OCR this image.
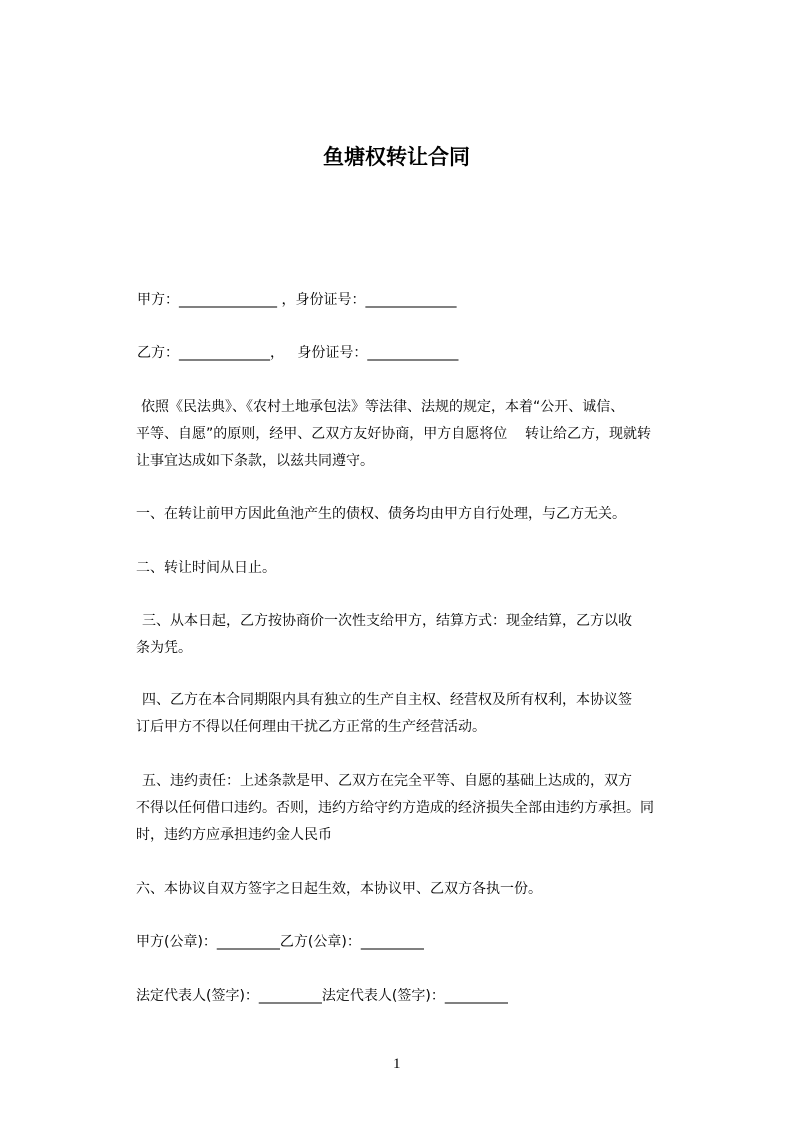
鱼塘权转让合同
甲方：______________ ，身份证号：_____________
乙方：_____________，   身份证号：_____________
依照《民法典》、《农村土地承包法》等法律、法规的规定，本着“公开、诚信、
平等、自愿”的原则，经甲、乙双方友好协商，甲方自愿将位    转让给乙方，现就转
让事宜达成如下条款，以兹共同遵守。
一、在转让前甲方因此鱼池产生的债权、债务均由甲方自行处理，与乙方无关。
二、转让时间从日止。
三、从本日起，乙方按协商价一次性支给甲方，结算方式：现金结算，乙方以收
条为凭。
四、乙方在本合同期限内具有独立的生产自主权、经营权及所有权利，本协议签
订后甲方不得以任何理由干扰乙方正常的生产经营活动。
五、违约责任：上述条款是甲、乙双方在完全平等、自愿的基础上达成的，双方
不得以任何借口违约。否则，违约方给守约方造成的经济损失全部由违约方承担。同
时，违约方应承担违约金人民币
六、本协议自双方签字之日起生效，本协议甲、乙双方各执一份。
甲方(公章)：_________乙方(公章)：_________
法定代表人(签字)：_________法定代表人(签字)：_________
1
